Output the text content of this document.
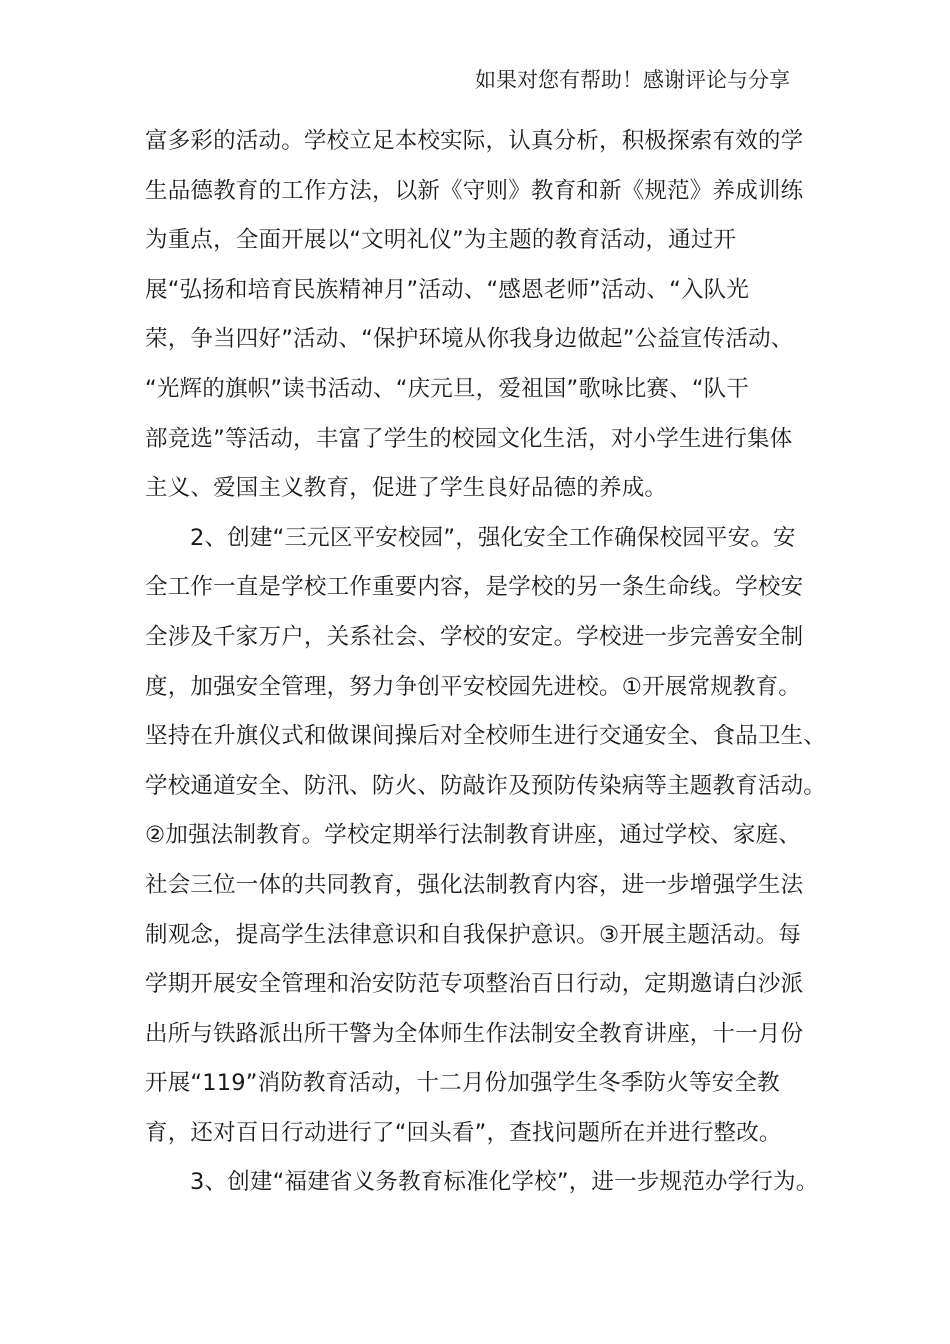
如果对您有帮助！感谢评论与分享
富多彩的活动。学校立足本校实际，认真分析，积极探索有效的学
生品德教育的工作方法，以新《守则》教育和新《规范》养成训练
为重点，全面开展以“文明礼仪”为主题的教育活动，通过开
展“弘扬和培育民族精神月”活动、“感恩老师”活动、“入队光
荣，争当四好”活动、“保护环境从你我身边做起”公益宣传活动、
“光辉的旗帜”读书活动、“庆元旦，爱祖国”歌咏比赛、“队干
部竞选”等活动，丰富了学生的校园文化生活，对小学生进行集体
主义、爱国主义教育，促进了学生良好品德的养成。
2、创建“三元区平安校园”，强化安全工作确保校园平安。安
全工作一直是学校工作重要内容，是学校的另一条生命线。学校安
全涉及千家万户，关系社会、学校的安定。学校进一步完善安全制
度，加强安全管理，努力争创平安校园先进校。①开展常规教育。
坚持在升旗仪式和做课间操后对全校师生进行交通安全、食品卫生、
学校通道安全、防汛、防火、防敲诈及预防传染病等主题教育活动。
②加强法制教育。学校定期举行法制教育讲座，通过学校、家庭、
社会三位一体的共同教育，强化法制教育内容，进一步增强学生法
制观念，提高学生法律意识和自我保护意识。③开展主题活动。每
学期开展安全管理和治安防范专项整治百日行动，定期邀请白沙派
出所与铁路派出所干警为全体师生作法制安全教育讲座，十一月份
开展“119”消防教育活动，十二月份加强学生冬季防火等安全教
育，还对百日行动进行了“回头看”，查找问题所在并进行整改。
3、创建“福建省义务教育标准化学校”，进一步规范办学行为。
